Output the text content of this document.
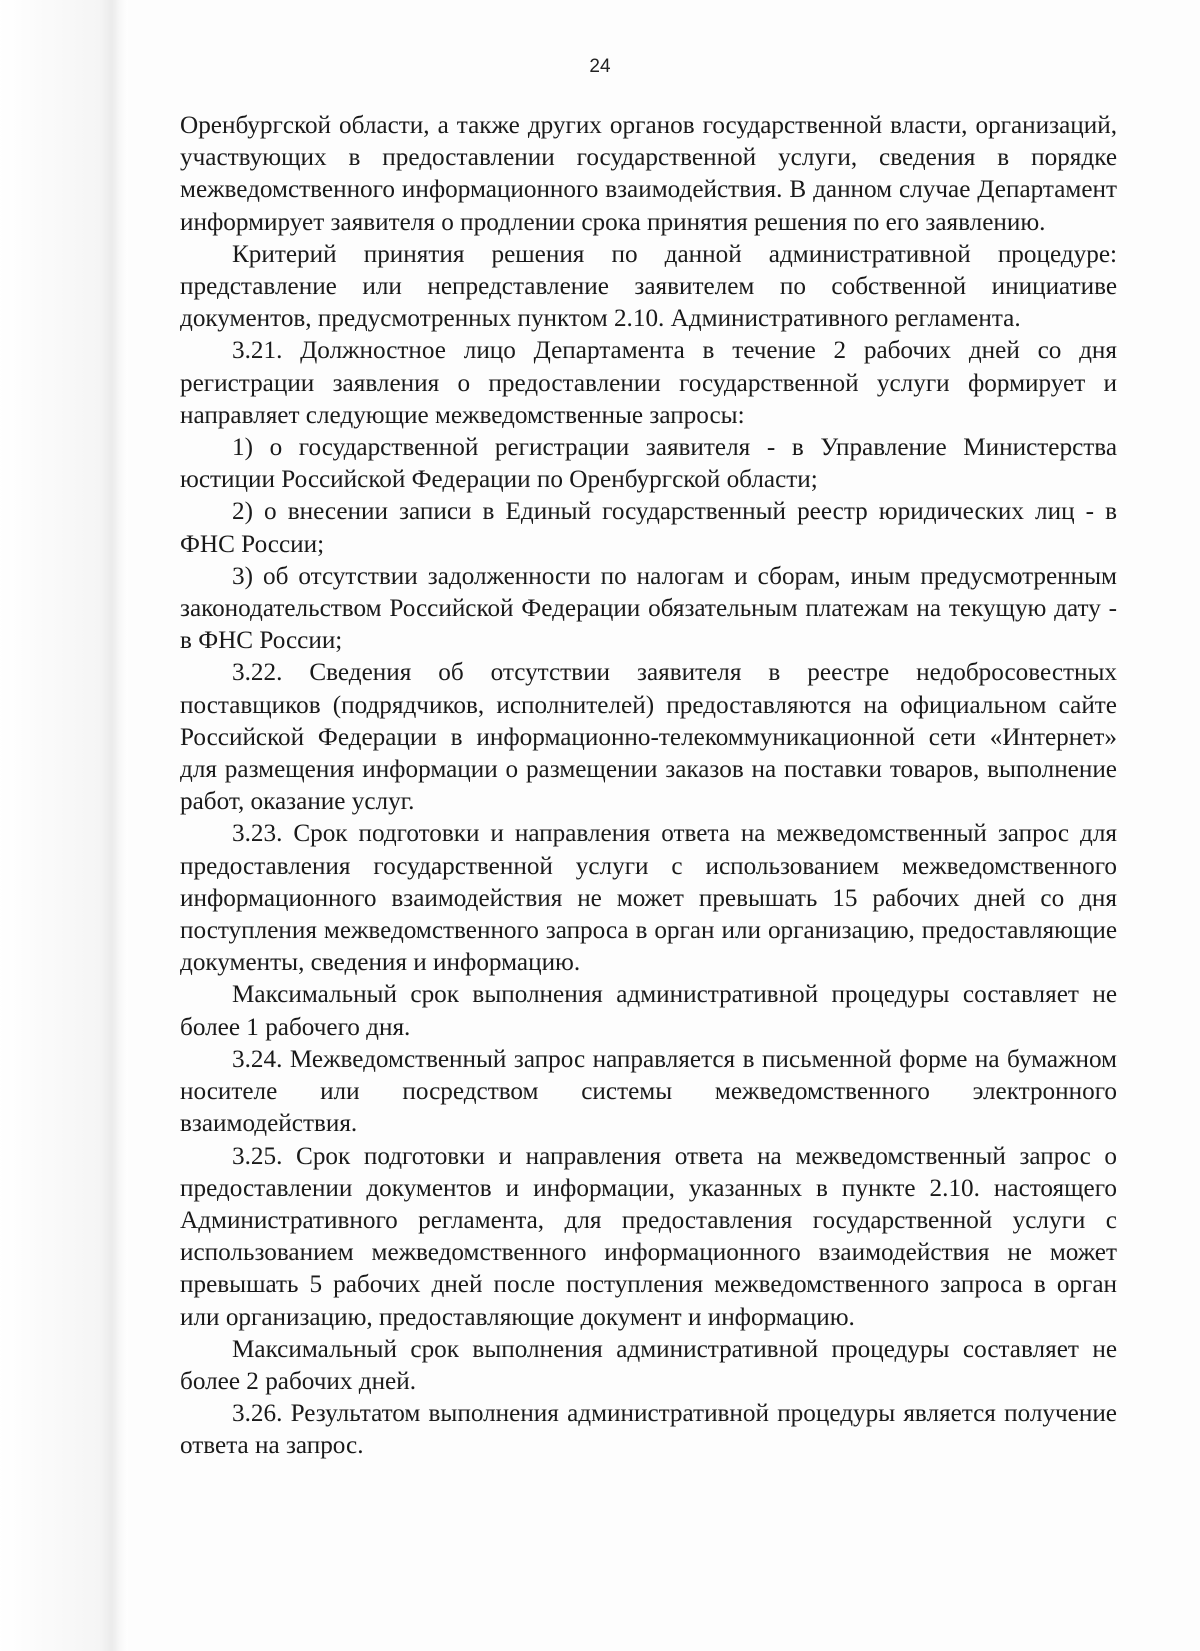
24

Оренбургской области, а также других органов государственной власти, организаций, участвующих в предоставлении государственной услуги, сведения в порядке межведомственного информационного взаимодействия. В данном случае Департамент информирует заявителя о продлении срока принятия решения по его заявлению.

Критерий принятия решения по данной административной процедуре: представление или непредставление заявителем по собственной инициативе документов, предусмотренных пунктом 2.10. Административного регламента.

3.21. Должностное лицо Департамента в течение 2 рабочих дней со дня регистрации заявления о предоставлении государственной услуги формирует и направляет следующие межведомственные запросы:

1) о государственной регистрации заявителя - в Управление Министерства юстиции Российской Федерации по Оренбургской области;

2) о внесении записи в Единый государственный реестр юридических лиц - в ФНС России;

3) об отсутствии задолженности по налогам и сборам, иным предусмотренным законодательством Российской Федерации обязательным платежам на текущую дату - в ФНС России;

3.22. Сведения об отсутствии заявителя в реестре недобросовестных поставщиков (подрядчиков, исполнителей) предоставляются на официальном сайте Российской Федерации в информационно-телекоммуникационной сети «Интернет» для размещения информации о размещении заказов на поставки товаров, выполнение работ, оказание услуг.

3.23. Срок подготовки и направления ответа на межведомственный запрос для предоставления государственной услуги с использованием межведомственного информационного взаимодействия не может превышать 15 рабочих дней со дня поступления межведомственного запроса в орган или организацию, предоставляющие документы, сведения и информацию.

Максимальный срок выполнения административной процедуры составляет не более 1 рабочего дня.

3.24. Межведомственный запрос направляется в письменной форме на бумажном носителе или посредством системы межведомственного электронного взаимодействия.

3.25. Срок подготовки и направления ответа на межведомственный запрос о предоставлении документов и информации, указанных в пункте 2.10. настоящего Административного регламента, для предоставления государственной услуги с использованием межведомственного информационного взаимодействия не может превышать 5 рабочих дней после поступления межведомственного запроса в орган или организацию, предоставляющие документ и информацию.

Максимальный срок выполнения административной процедуры составляет не более 2 рабочих дней.

3.26. Результатом выполнения административной процедуры является получение ответа на запрос.
